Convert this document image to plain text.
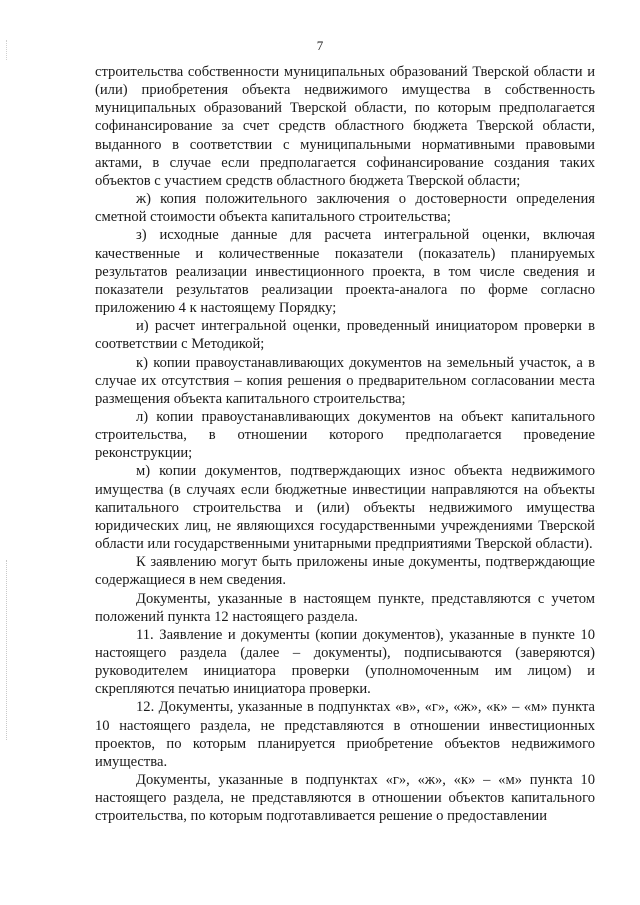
7

строительства собственности муниципальных образований Тверской области и (или) приобретения объекта недвижимого имущества в собственность муниципальных образований Тверской области, по которым предполагается софинансирование за счет средств областного бюджета Тверской области, выданного в соответствии с муниципальными нормативными правовыми актами, в случае если предполагается софинансирование создания таких объектов с участием средств областного бюджета Тверской области;

ж) копия положительного заключения о достоверности определения сметной стоимости объекта капитального строительства;

з) исходные данные для расчета интегральной оценки, включая качественные и количественные показатели (показатель) планируемых результатов реализации инвестиционного проекта, в том числе сведения и показатели результатов реализации проекта-аналога по форме согласно приложению 4 к настоящему Порядку;

и) расчет интегральной оценки, проведенный инициатором проверки в соответствии с Методикой;

к) копии правоустанавливающих документов на земельный участок, а в случае их отсутствия – копия решения о предварительном согласовании места размещения объекта капитального строительства;

л) копии правоустанавливающих документов на объект капитального строительства, в отношении которого предполагается проведение реконструкции;

м) копии документов, подтверждающих износ объекта недвижимого имущества (в случаях если бюджетные инвестиции направляются на объекты капитального строительства и (или) объекты недвижимого имущества юридических лиц, не являющихся государственными учреждениями Тверской области или государственными унитарными предприятиями Тверской области).

К заявлению могут быть приложены иные документы, подтверждающие содержащиеся в нем сведения.

Документы, указанные в настоящем пункте, представляются с учетом положений пункта 12 настоящего раздела.

11. Заявление и документы (копии документов), указанные в пункте 10 настоящего раздела (далее – документы), подписываются (заверяются) руководителем инициатора проверки (уполномоченным им лицом) и скрепляются печатью инициатора проверки.

12. Документы, указанные в подпунктах «в», «г», «ж», «к» – «м» пункта 10 настоящего раздела, не представляются в отношении инвестиционных проектов, по которым планируется приобретение объектов недвижимого имущества.

Документы, указанные в подпунктах «г», «ж», «к» – «м» пункта 10 настоящего раздела, не представляются в отношении объектов капитального строительства, по которым подготавливается решение о предоставлении
